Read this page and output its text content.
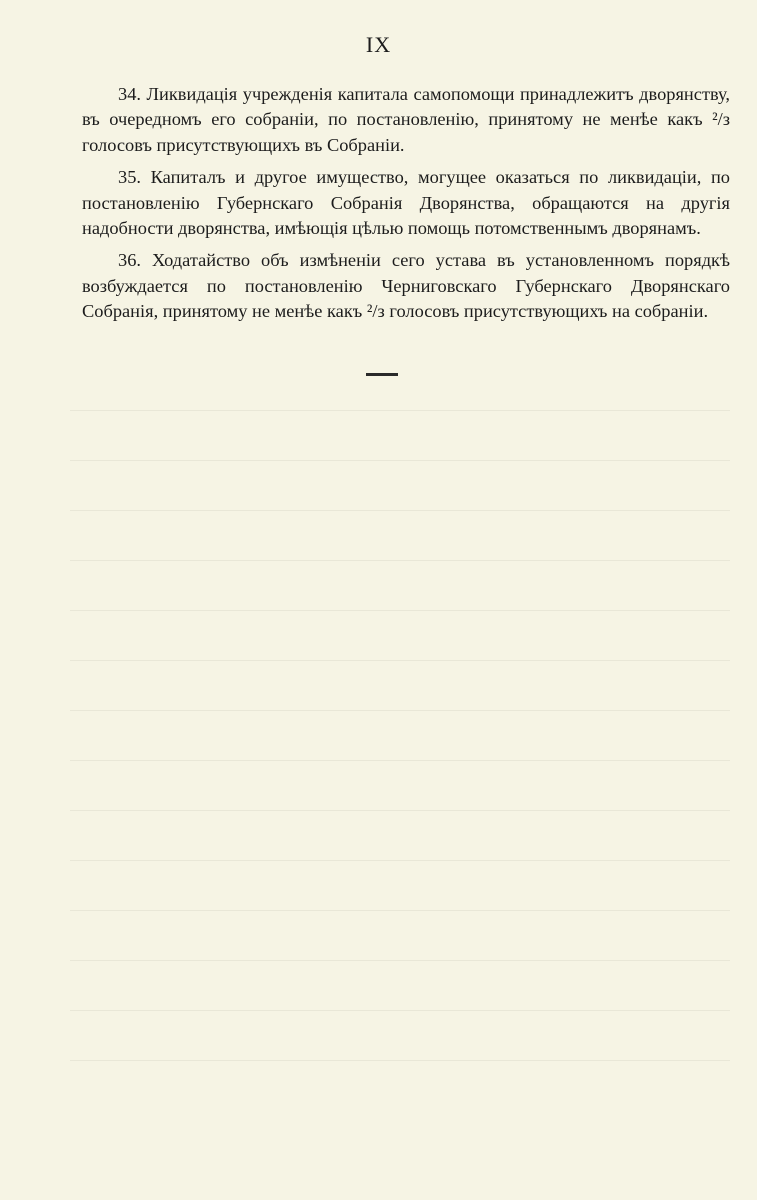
IX

34. Ликвидація учрежденія капитала самопомощи принадлежитъ дворянству, въ очередномъ его собраніи, по постановленію, принятому не менѣе какъ ²/з голосовъ присутствующихъ въ Собраніи.

35. Капиталъ и другое имущество, могущее оказаться по ликвидаціи, по постановленію Губернскаго Собранія Дворянства, обращаются на другія надобности дворянства, имѣющія цѣлью помощь потомственнымъ дворянамъ.

36. Ходатайство объ измѣненіи сего устава въ установленномъ порядкѣ возбуждается по постановленію Черниговскаго Губернскаго Дворянскаго Собранія, принятому не менѣе какъ ²/з голосовъ присутствующихъ на собраніи.
